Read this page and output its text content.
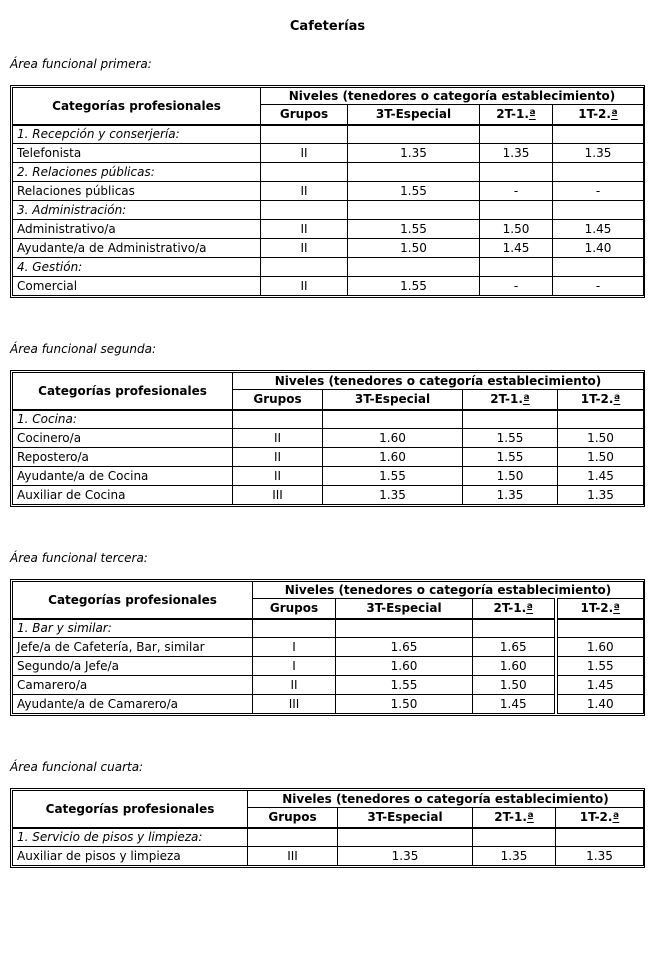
Cafeterías
Área funcional primera:
Categorías profesionales	Niveles (tenedores o categoría establecimiento)			
	Grupos	3T-Especial	2T-1.ª	1T-2.ª
1. Recepción y conserjería:				
Telefonista	II	1.35	1.35	1.35
2. Relaciones públicas:				
Relaciones públicas	II	1.55	-	-
3. Administración:				
Administrativo/a	II	1.55	1.50	1.45
Ayudante/a de Administrativo/a	II	1.50	1.45	1.40
4. Gestión:				
Comercial	II	1.55	-	-
Área funcional segunda:
Categorías profesionales	Niveles (tenedores o categoría establecimiento)			
	Grupos	3T-Especial	2T-1.ª	1T-2.ª
1. Cocina:				
Cocinero/a	II	1.60	1.55	1.50
Repostero/a	II	1.60	1.55	1.50
Ayudante/a de Cocina	II	1.55	1.50	1.45
Auxiliar de Cocina	III	1.35	1.35	1.35
Área funcional tercera:
Categorías profesionales	Niveles (tenedores o categoría establecimiento)			
	Grupos	3T-Especial	2T-1.ª	1T-2.ª
1. Bar y similar:				
Jefe/a de Cafetería, Bar, similar	I	1.65	1.65	1.60
Segundo/a Jefe/a	I	1.60	1.60	1.55
Camarero/a	II	1.55	1.50	1.45
Ayudante/a de Camarero/a	III	1.50	1.45	1.40
Área funcional cuarta:
Categorías profesionales	Niveles (tenedores o categoría establecimiento)			
	Grupos	3T-Especial	2T-1.ª	1T-2.ª
1. Servicio de pisos y limpieza:				
Auxiliar de pisos y limpieza	III	1.35	1.35	1.35
